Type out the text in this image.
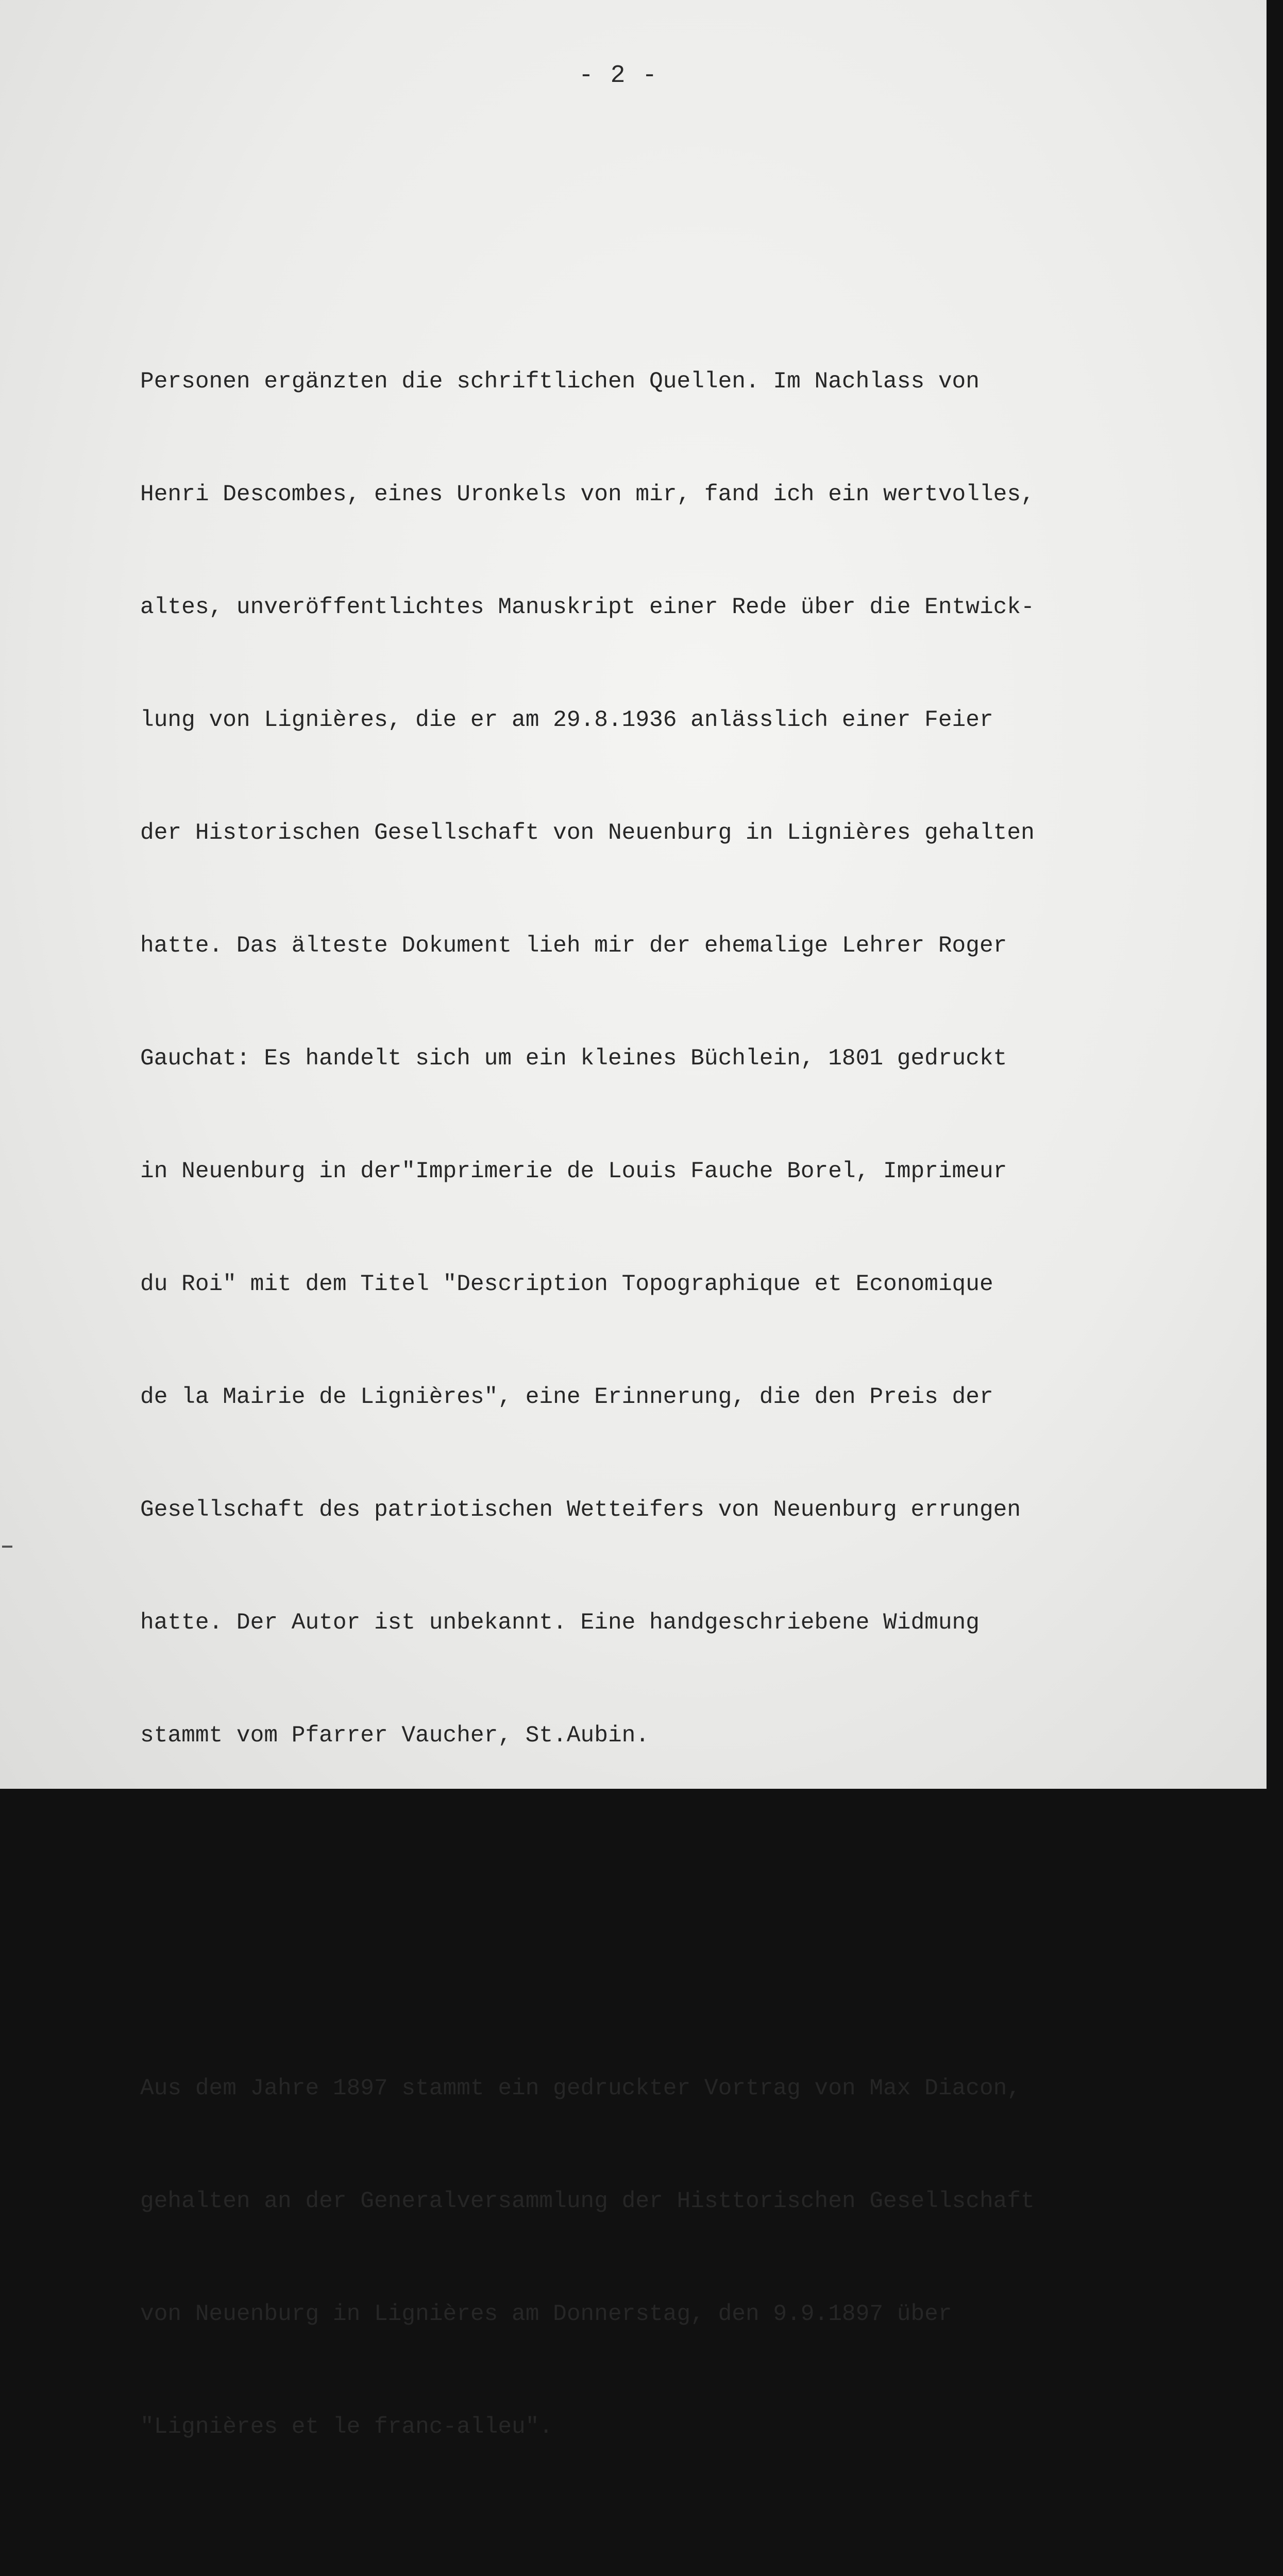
- 2 -

Personen ergänzten die schriftlichen Quellen. Im Nachlass von

Henri Descombes, eines Uronkels von mir, fand ich ein wertvolles,

altes, unveröffentlichtes Manuskript einer Rede über die Entwick-

lung von Lignières, die er am 29.8.1936 anlässlich einer Feier

der Historischen Gesellschaft von Neuenburg in Lignières gehalten

hatte. Das älteste Dokument lieh mir der ehemalige Lehrer Roger

Gauchat: Es handelt sich um ein kleines Büchlein, 1801 gedruckt

in Neuenburg in der"Imprimerie de Louis Fauche Borel, Imprimeur

du Roi" mit dem Titel "Description Topographique et Economique

de la Mairie de Lignières", eine Erinnerung, die den Preis der

Gesellschaft des patriotischen Wetteifers von Neuenburg errungen

hatte. Der Autor ist unbekannt. Eine handgeschriebene Widmung

stammt vom Pfarrer Vaucher, St.Aubin.

Aus dem Jahre 1897 stammt ein gedruckter Vortrag von Max Diacon,

gehalten an der Generalversammlung der Histtorischen Gesellschaft

von Neuenburg in Lignières am Donnerstag, den 9.9.1897 über

"Lignières et le franc-alleu".
